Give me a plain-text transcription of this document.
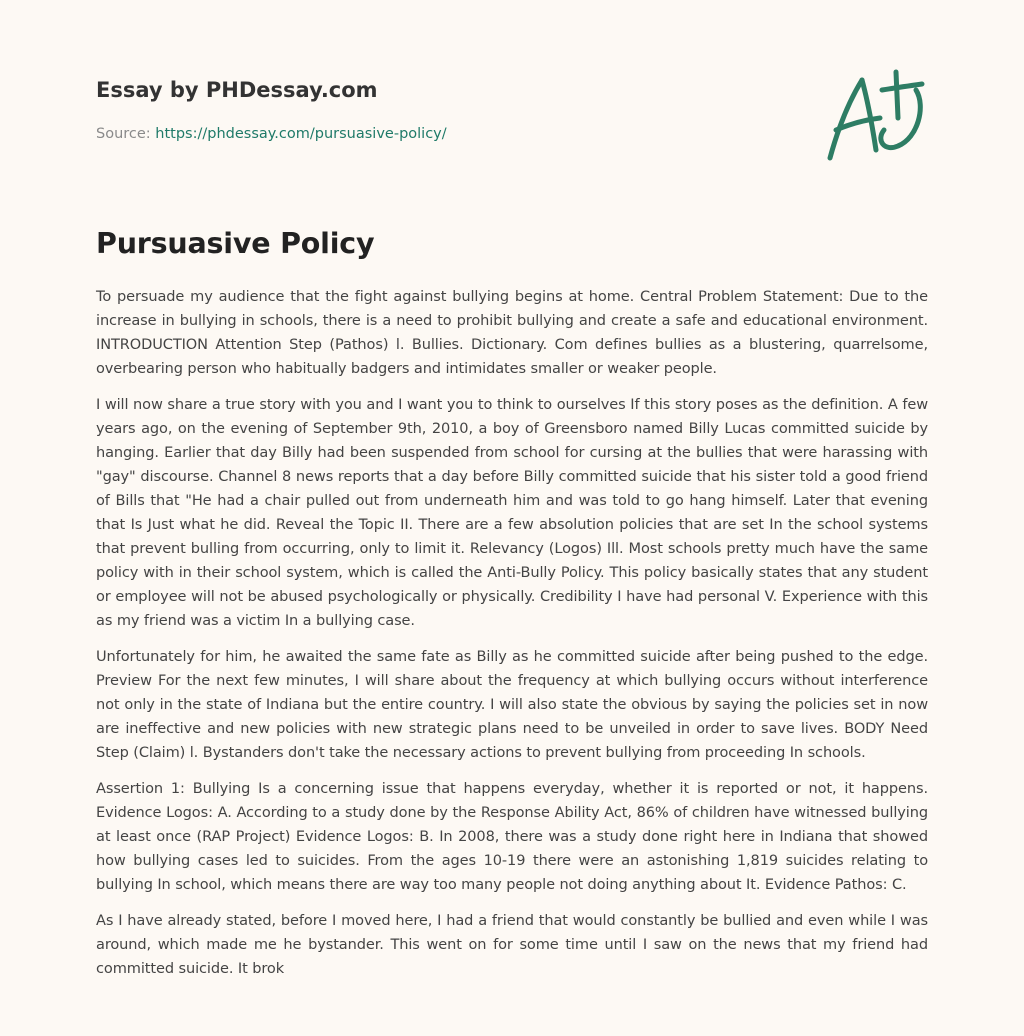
Essay by PHDessay.com
Source: https://phdessay.com/pursuasive-policy/
Pursuasive Policy

To persuade my audience that the fight against bullying begins at home. Central Problem Statement: Due to the increase in bullying in schools, there is a need to prohibit bullying and create a safe and educational environment. INTRODUCTION Attention Step (Pathos) l. Bullies. Dictionary. Com defines bullies as a blustering, quarrelsome, overbearing person who habitually badgers and intimidates smaller or weaker people.

I will now share a true story with you and I want you to think to ourselves If this story poses as the definition. A few years ago, on the evening of September 9th, 2010, a boy of Greensboro named Billy Lucas committed suicide by hanging. Earlier that day Billy had been suspended from school for cursing at the bullies that were harassing with "gay" discourse. Channel 8 news reports that a day before Billy committed suicide that his sister told a good friend of Bills that "He had a chair pulled out from underneath him and was told to go hang himself. Later that evening that Is Just what he did. Reveal the Topic II. There are a few absolution policies that are set In the school systems that prevent bulling from occurring, only to limit it. Relevancy (Logos) Ill. Most schools pretty much have the same policy with in their school system, which is called the Anti-Bully Policy. This policy basically states that any student or employee will not be abused psychologically or physically. Credibility I have had personal V. Experience with this as my friend was a victim In a bullying case.

Unfortunately for him, he awaited the same fate as Billy as he committed suicide after being pushed to the edge. Preview For the next few minutes, I will share about the frequency at which bullying occurs without interference not only in the state of Indiana but the entire country. I will also state the obvious by saying the policies set in now are ineffective and new policies with new strategic plans need to be unveiled in order to save lives. BODY Need Step (Claim) l. Bystanders don't take the necessary actions to prevent bullying from proceeding In schools.

Assertion 1: Bullying Is a concerning issue that happens everyday, whether it is reported or not, it happens. Evidence Logos: A. According to a study done by the Response Ability Act, 86% of children have witnessed bullying at least once (RAP Project) Evidence Logos: B. In 2008, there was a study done right here in Indiana that showed how bullying cases led to suicides. From the ages 10-19 there were an astonishing 1,819 suicides relating to bullying In school, which means there are way too many people not doing anything about It. Evidence Pathos: C.

As I have already stated, before I moved here, I had a friend that would constantly be bullied and even while I was around, which made me he bystander. This went on for some time until I saw on the news that my friend had committed suicide. It brok
